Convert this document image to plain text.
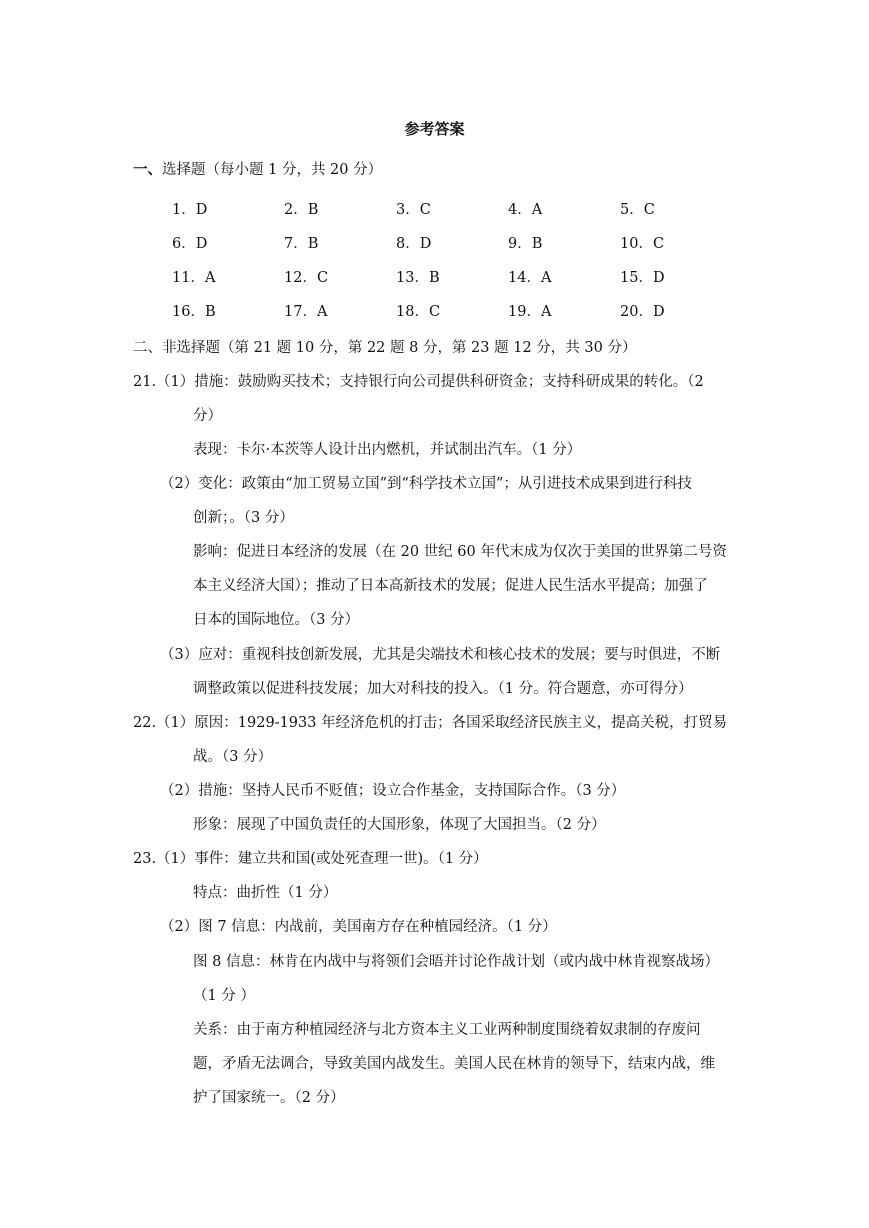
参考答案
一、选择题（每小题 1 分，共 20 分）
1．D	2．B	3．C	4．A	5．C
6．D	7．B	8．D	9．B	10．C
11．A	12．C	13．B	14．A	15．D
16．B	17．A	18．C	19．A	20．D
二、非选择题（第 21 题 10 分，第 22 题 8 分，第 23 题 12 分，共 30 分）
21.（1）措施：鼓励购买技术；支持银行向公司提供科研资金；支持科研成果的转化。（2
分）
表现：卡尔·本茨等人设计出内燃机，并试制出汽车。（1 分）
（2）变化：政策由“加工贸易立国”到“科学技术立国”；从引进技术成果到进行科技
创新；。（3 分）
影响：促进日本经济的发展（在 20 世纪 60 年代末成为仅次于美国的世界第二号资
本主义经济大国）；推动了日本高新技术的发展；促进人民生活水平提高；加强了
日本的国际地位。（3 分）
（3）应对：重视科技创新发展，尤其是尖端技术和核心技术的发展；要与时俱进，不断
调整政策以促进科技发展；加大对科技的投入。（1 分。符合题意，亦可得分）
22.（1）原因：1929-1933 年经济危机的打击；各国采取经济民族主义，提高关税，打贸易
战。（3 分）
（2）措施：坚持人民币不贬值；设立合作基金，支持国际合作。（3 分）
形象：展现了中国负责任的大国形象，体现了大国担当。（2 分）
23.（1）事件：建立共和国(或处死查理一世)。（1 分）
特点：曲折性（1 分）
（2）图 7 信息：内战前，美国南方存在种植园经济。（1 分）
图 8 信息：林肯在内战中与将领们会晤并讨论作战计划（或内战中林肯视察战场）
（1 分 ）
关系：由于南方种植园经济与北方资本主义工业两种制度围绕着奴隶制的存废问
题，矛盾无法调合，导致美国内战发生。美国人民在林肯的领导下，结束内战，维
护了国家统一。（2 分）
